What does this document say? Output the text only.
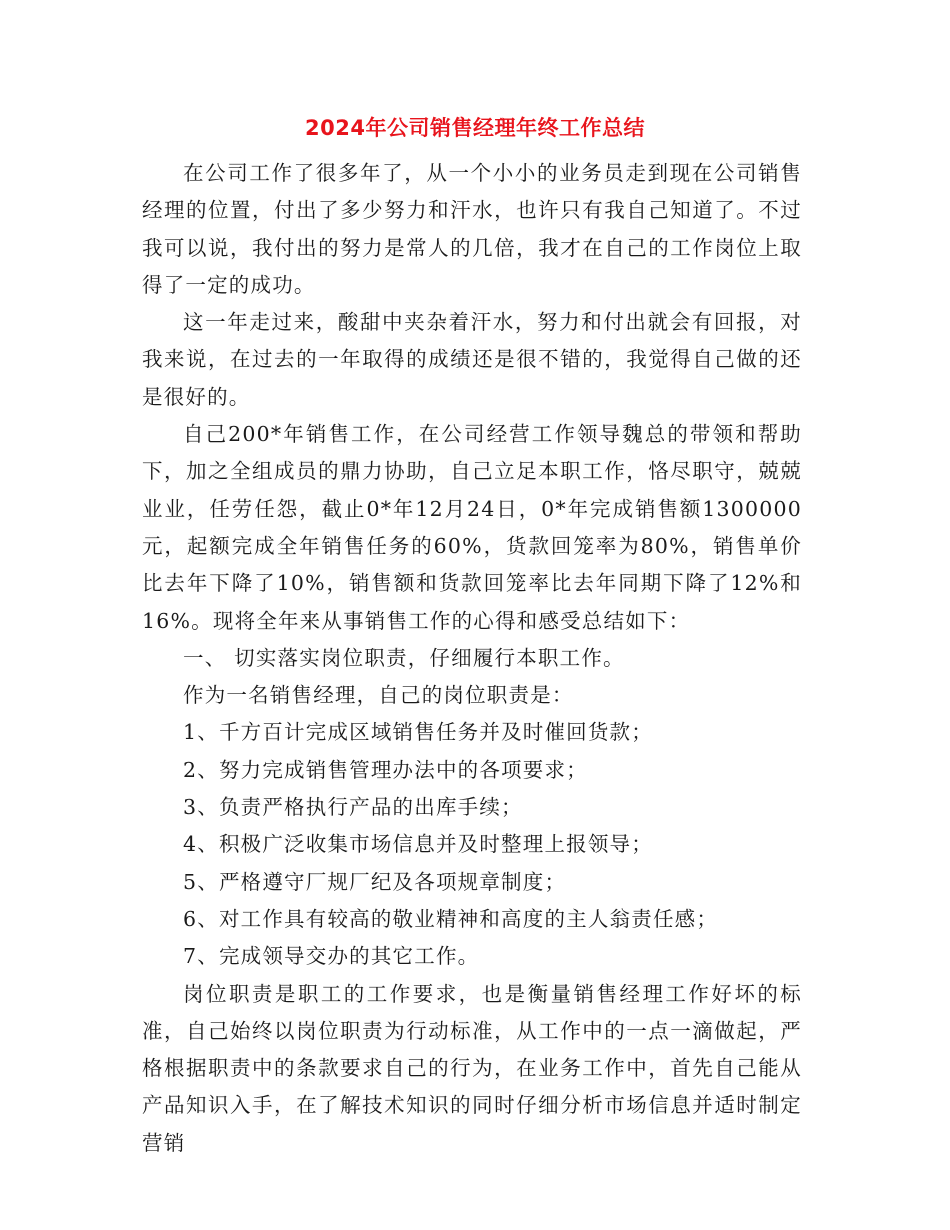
2024年公司销售经理年终工作总结

在公司工作了很多年了，从一个小小的业务员走到现在公司销售经理的位置，付出了多少努力和汗水，也许只有我自己知道了。不过我可以说，我付出的努力是常人的几倍，我才在自己的工作岗位上取得了一定的成功。

这一年走过来，酸甜中夹杂着汗水，努力和付出就会有回报，对我来说，在过去的一年取得的成绩还是很不错的，我觉得自己做的还是很好的。

自己200*年销售工作，在公司经营工作领导魏总的带领和帮助下，加之全组成员的鼎力协助，自己立足本职工作，恪尽职守，兢兢业业，任劳任怨，截止0*年12月24日，0*年完成销售额1300000元，起额完成全年销售任务的60%，货款回笼率为80%，销售单价比去年下降了10%，销售额和货款回笼率比去年同期下降了12%和16%。现将全年来从事销售工作的心得和感受总结如下：

一、 切实落实岗位职责，仔细履行本职工作。

作为一名销售经理，自己的岗位职责是：

1、千方百计完成区域销售任务并及时催回货款；

2、努力完成销售管理办法中的各项要求；

3、负责严格执行产品的出库手续；

4、积极广泛收集市场信息并及时整理上报领导；

5、严格遵守厂规厂纪及各项规章制度；

6、对工作具有较高的敬业精神和高度的主人翁责任感；

7、完成领导交办的其它工作。

岗位职责是职工的工作要求，也是衡量销售经理工作好坏的标准，自己始终以岗位职责为行动标准，从工作中的一点一滴做起，严格根据职责中的条款要求自己的行为，在业务工作中，首先自己能从产品知识入手，在了解技术知识的同时仔细分析市场信息并适时制定营销
